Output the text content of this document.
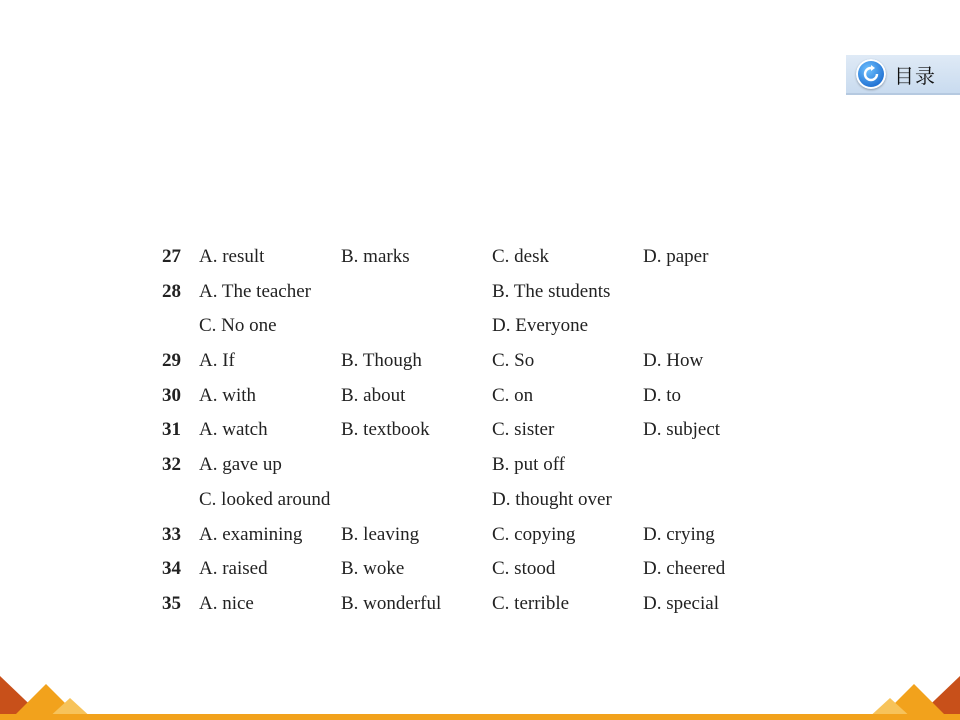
目录
27 A. result	B. marks	C. desk	D. paper
28 A. The teacher	B. The students
C. No one	D. Everyone
29 A. If	B. Though	C. So	D. How
30 A. with	B. about	C. on	D. to
31 A. watch	B. textbook	C. sister	D. subject
32 A. gave up	B. put off
C. looked around	D. thought over
33 A. examining B. leaving	C. copying	D. crying
34 A. raised	B. woke	C. stood	D. cheered
35 A. nice	B. wonderful	C. terrible	D. special
